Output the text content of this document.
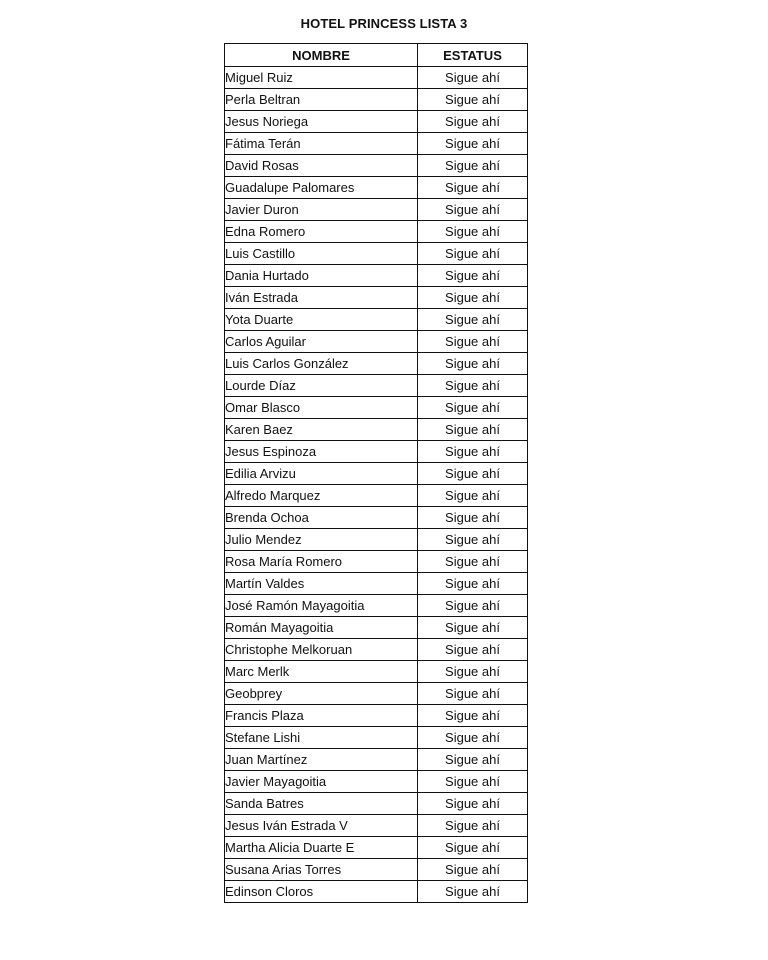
HOTEL PRINCESS LISTA 3
NOMBRE	ESTATUS
Miguel Ruiz	Sigue ahí
Perla Beltran	Sigue ahí
Jesus Noriega	Sigue ahí
Fátima Terán	Sigue ahí
David Rosas	Sigue ahí
Guadalupe Palomares	Sigue ahí
Javier Duron	Sigue ahí
Edna Romero	Sigue ahí
Luis Castillo	Sigue ahí
Dania Hurtado	Sigue ahí
Iván Estrada	Sigue ahí
Yota Duarte	Sigue ahí
Carlos Aguilar	Sigue ahí
Luis Carlos González	Sigue ahí
Lourde Díaz	Sigue ahí
Omar Blasco	Sigue ahí
Karen Baez	Sigue ahí
Jesus Espinoza	Sigue ahí
Edilia Arvizu	Sigue ahí
Alfredo Marquez	Sigue ahí
Brenda Ochoa	Sigue ahí
Julio Mendez	Sigue ahí
Rosa María Romero	Sigue ahí
Martín Valdes	Sigue ahí
José Ramón Mayagoitia	Sigue ahí
Román Mayagoitia	Sigue ahí
Christophe Melkoruan	Sigue ahí
Marc Merlk	Sigue ahí
Geobprey	Sigue ahí
Francis Plaza	Sigue ahí
Stefane Lishi	Sigue ahí
Juan Martínez	Sigue ahí
Javier Mayagoitia	Sigue ahí
Sanda Batres	Sigue ahí
Jesus Iván Estrada V	Sigue ahí
Martha Alicia Duarte E	Sigue ahí
Susana Arias Torres	Sigue ahí
Edinson Cloros	Sigue ahí
